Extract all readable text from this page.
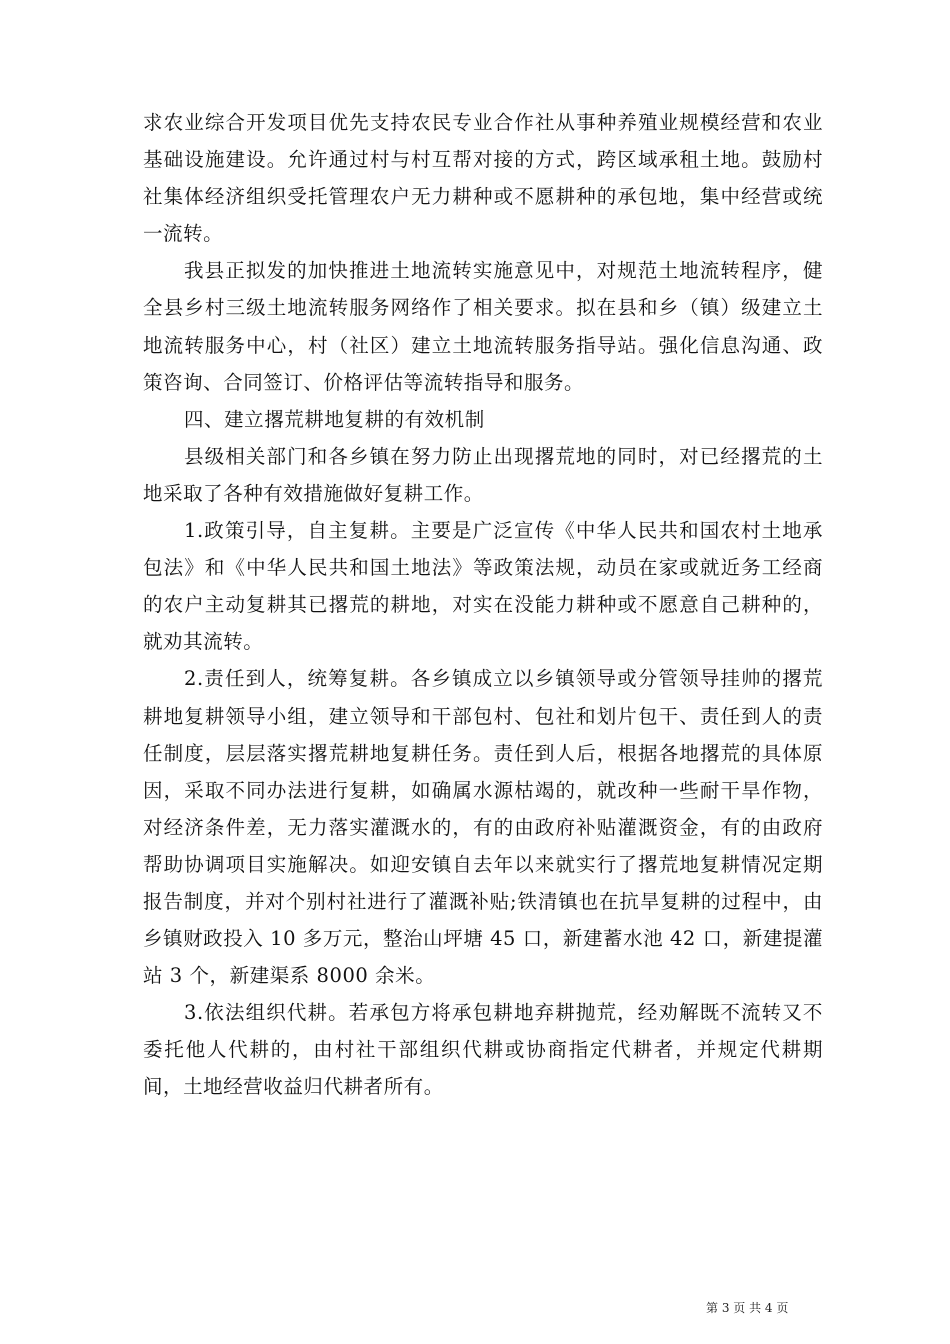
求农业综合开发项目优先支持农民专业合作社从事种养殖业规模经营和农业基础设施建设。允许通过村与村互帮对接的方式，跨区域承租土地。鼓励村社集体经济组织受托管理农户无力耕种或不愿耕种的承包地，集中经营或统一流转。

我县正拟发的加快推进土地流转实施意见中，对规范土地流转程序，健全县乡村三级土地流转服务网络作了相关要求。拟在县和乡（镇）级建立土地流转服务中心，村（社区）建立土地流转服务指导站。强化信息沟通、政策咨询、合同签订、价格评估等流转指导和服务。

四、建立撂荒耕地复耕的有效机制

县级相关部门和各乡镇在努力防止出现撂荒地的同时，对已经撂荒的土地采取了各种有效措施做好复耕工作。

1.政策引导，自主复耕。主要是广泛宣传《中华人民共和国农村土地承包法》和《中华人民共和国土地法》等政策法规，动员在家或就近务工经商的农户主动复耕其已撂荒的耕地，对实在没能力耕种或不愿意自己耕种的，就劝其流转。

2.责任到人，统筹复耕。各乡镇成立以乡镇领导或分管领导挂帅的撂荒耕地复耕领导小组，建立领导和干部包村、包社和划片包干、责任到人的责任制度，层层落实撂荒耕地复耕任务。责任到人后，根据各地撂荒的具体原因，采取不同办法进行复耕，如确属水源枯竭的，就改种一些耐干旱作物，对经济条件差，无力落实灌溉水的，有的由政府补贴灌溉资金，有的由政府帮助协调项目实施解决。如迎安镇自去年以来就实行了撂荒地复耕情况定期报告制度，并对个别村社进行了灌溉补贴;铁清镇也在抗旱复耕的过程中，由乡镇财政投入 10 多万元，整治山坪塘 45 口，新建蓄水池 42 口，新建提灌站 3 个，新建渠系 8000 余米。

3.依法组织代耕。若承包方将承包耕地弃耕抛荒，经劝解既不流转又不委托他人代耕的，由村社干部组织代耕或协商指定代耕者，并规定代耕期间，土地经营收益归代耕者所有。

第 3 页 共 4 页
